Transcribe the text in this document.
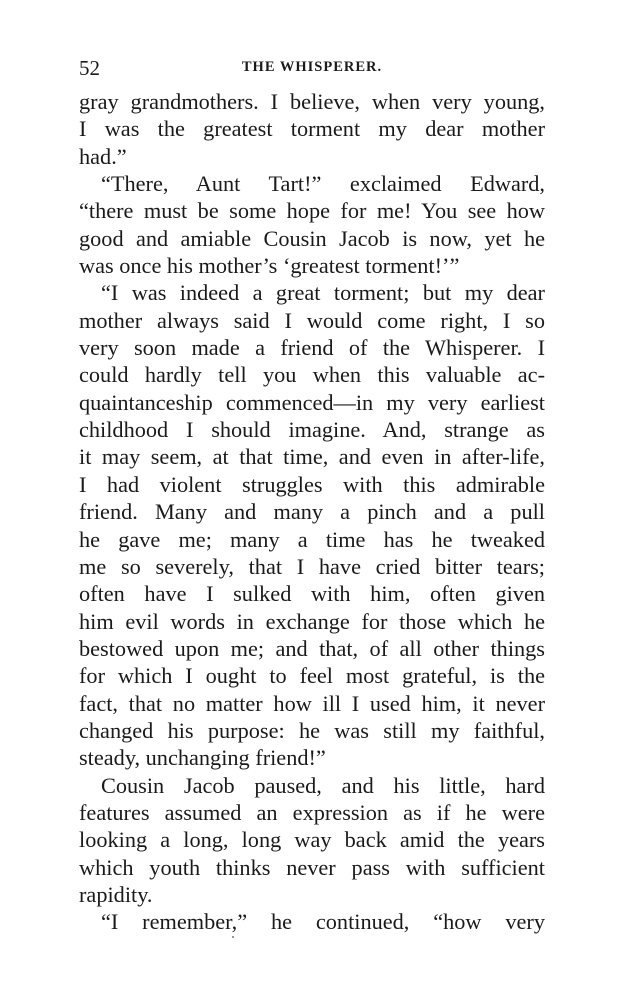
52	THE WHISPERER.
gray grandmothers. I believe, when very young,
I was the greatest torment my dear mother
had.”
“There, Aunt Tart!” exclaimed Edward,
“there must be some hope for me! You see how
good and amiable Cousin Jacob is now, yet he
was once his mother’s ‘greatest torment!’”
“I was indeed a great torment; but my dear
mother always said I would come right, I so
very soon made a friend of the Whisperer. I
could hardly tell you when this valuable ac-
quaintanceship commenced—in my very earliest
childhood I should imagine. And, strange as
it may seem, at that time, and even in after-life,
I had violent struggles with this admirable
friend. Many and many a pinch and a pull
he gave me; many a time has he tweaked
me so severely, that I have cried bitter tears;
often have I sulked with him, often given
him evil words in exchange for those which he
bestowed upon me; and that, of all other things
for which I ought to feel most grateful, is the
fact, that no matter how ill I used him, it never
changed his purpose: he was still my faithful,
steady, unchanging friend!”
Cousin Jacob paused, and his little, hard
features assumed an expression as if he were
looking a long, long way back amid the years
which youth thinks never pass with sufficient
rapidity.
“I remember,” he continued, “how very
